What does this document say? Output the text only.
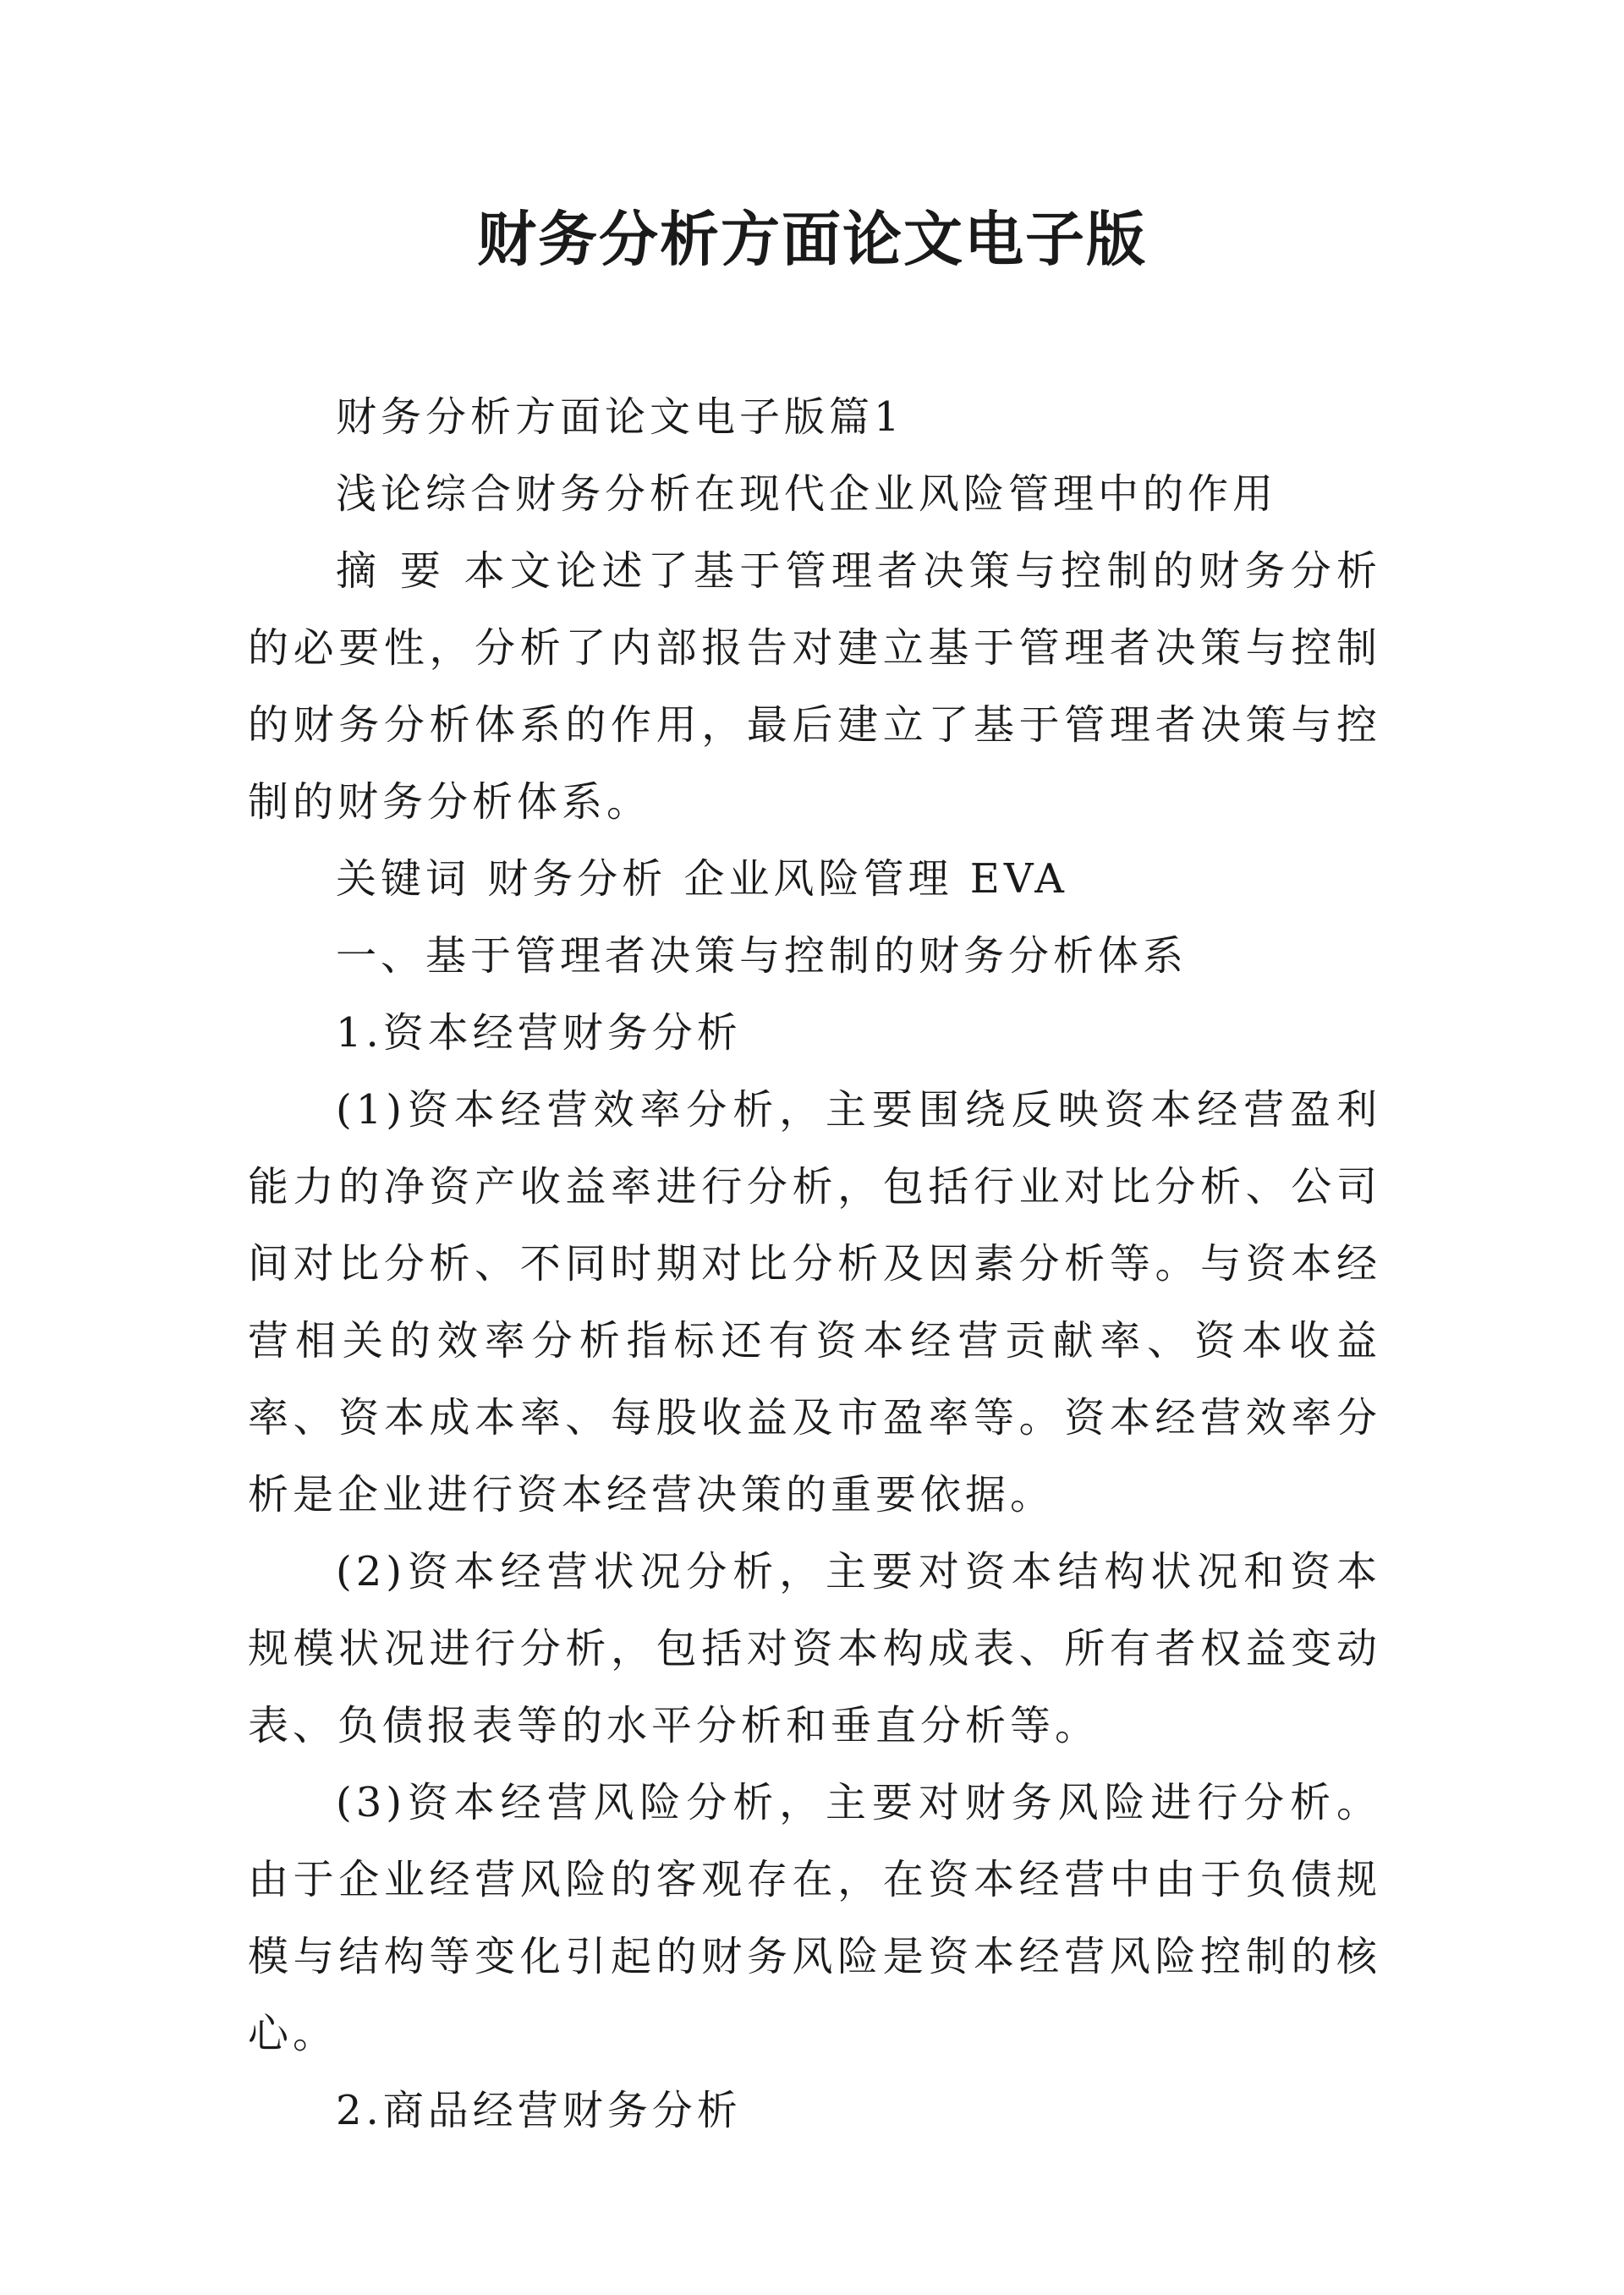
财务分析方面论文电子版

财务分析方面论文电子版篇1

浅论综合财务分析在现代企业风险管理中的作用

摘 要 本文论述了基于管理者决策与控制的财务分析的必要性，分析了内部报告对建立基于管理者决策与控制的财务分析体系的作用，最后建立了基于管理者决策与控制的财务分析体系。

关键词 财务分析 企业风险管理 EVA

一、基于管理者决策与控制的财务分析体系

1.资本经营财务分析

(1)资本经营效率分析，主要围绕反映资本经营盈利能力的净资产收益率进行分析，包括行业对比分析、公司间对比分析、不同时期对比分析及因素分析等。与资本经营相关的效率分析指标还有资本经营贡献率、资本收益率、资本成本率、每股收益及市盈率等。资本经营效率分析是企业进行资本经营决策的重要依据。

(2)资本经营状况分析，主要对资本结构状况和资本规模状况进行分析，包括对资本构成表、所有者权益变动表、负债报表等的水平分析和垂直分析等。

(3)资本经营风险分析，主要对财务风险进行分析。由于企业经营风险的客观存在，在资本经营中由于负债规模与结构等变化引起的财务风险是资本经营风险控制的核心。

2.商品经营财务分析
